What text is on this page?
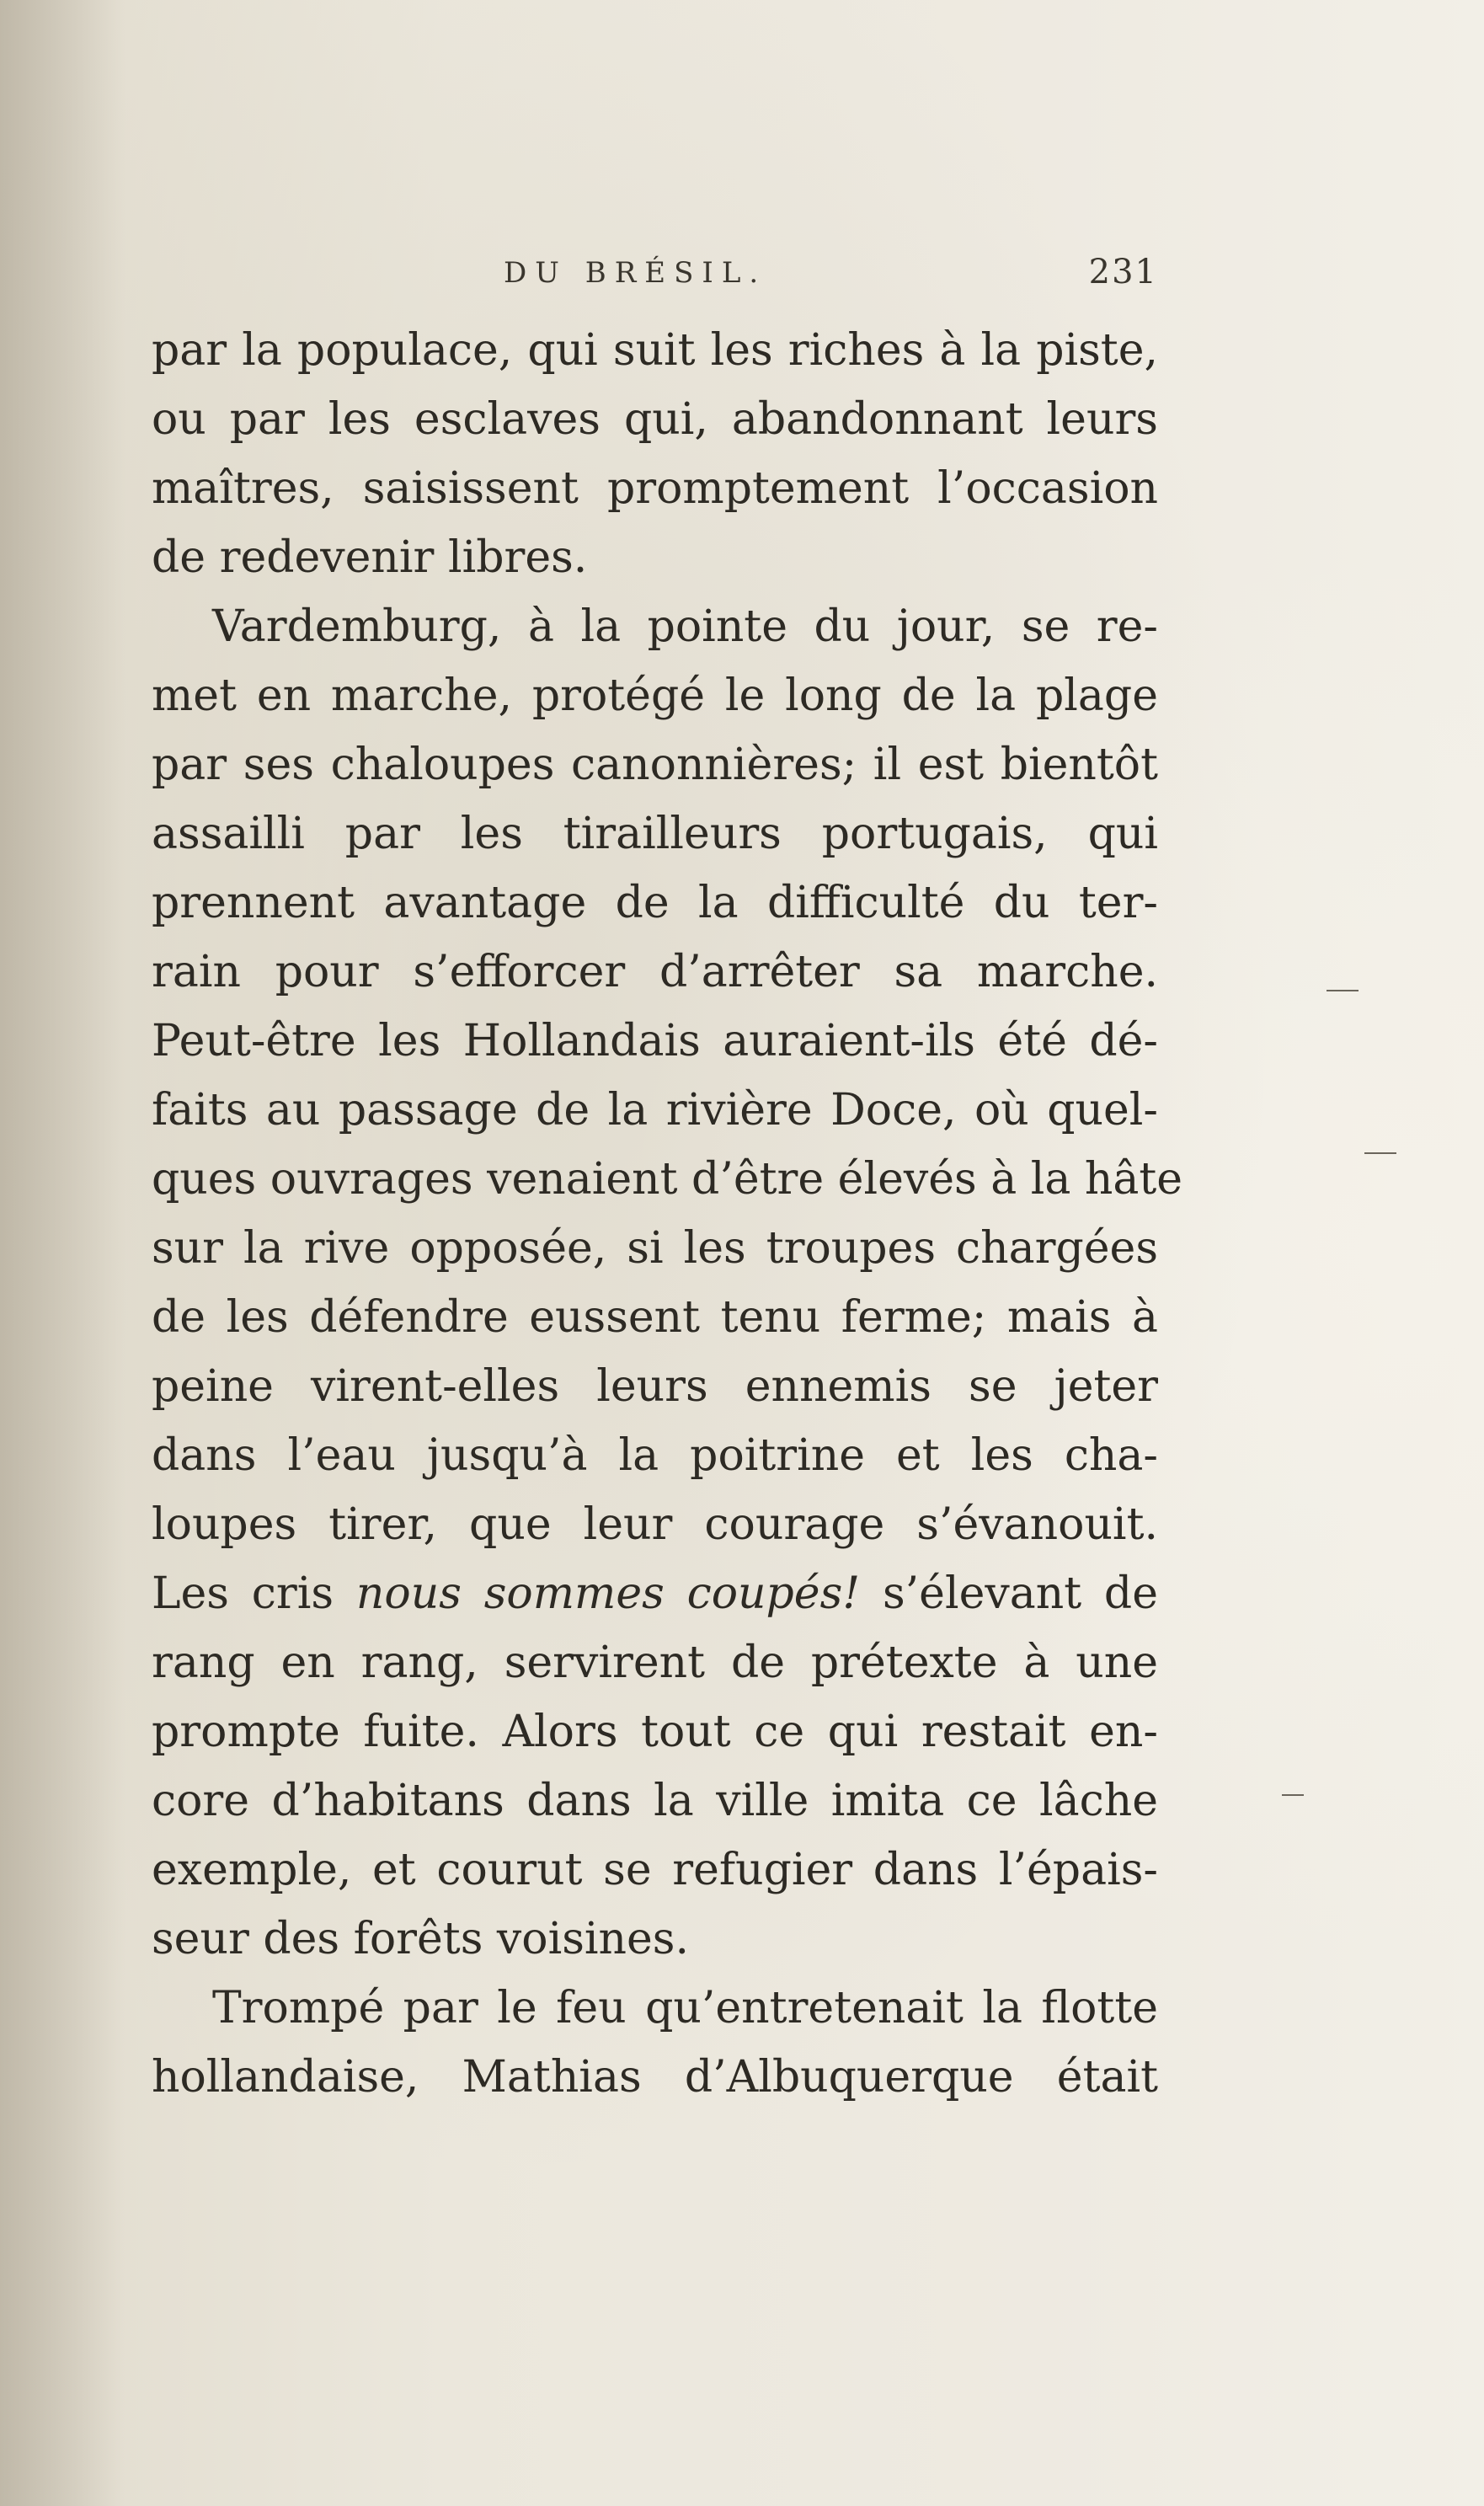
DU BRÉSIL.	231
par la populace, qui suit les riches à la piste,
ou par les esclaves qui, abandonnant leurs
maîtres, saisissent promptement l’occasion
de redevenir libres.
Vardemburg, à la pointe du jour, se re-
met en marche, protégé le long de la plage
par ses chaloupes canonnières; il est bientôt
assailli par les tirailleurs portugais, qui
prennent avantage de la difficulté du ter-
rain pour s’efforcer d’arrêter sa marche.
Peut-être les Hollandais auraient-ils été dé-
faits au passage de la rivière Doce, où quel-
ques ouvrages venaient d’être élevés à la hâte
sur la rive opposée, si les troupes chargées
de les défendre eussent tenu ferme; mais à
peine virent-elles leurs ennemis se jeter
dans l’eau jusqu’à la poitrine et les cha-
loupes tirer, que leur courage s’évanouit.
Les cris nous sommes coupés! s’élevant de
rang en rang, servirent de prétexte à une
prompte fuite. Alors tout ce qui restait en-
core d’habitans dans la ville imita ce lâche
exemple, et courut se refugier dans l’épais-
seur des forêts voisines.
Trompé par le feu qu’entretenait la flotte
hollandaise, Mathias d’Albuquerque était
